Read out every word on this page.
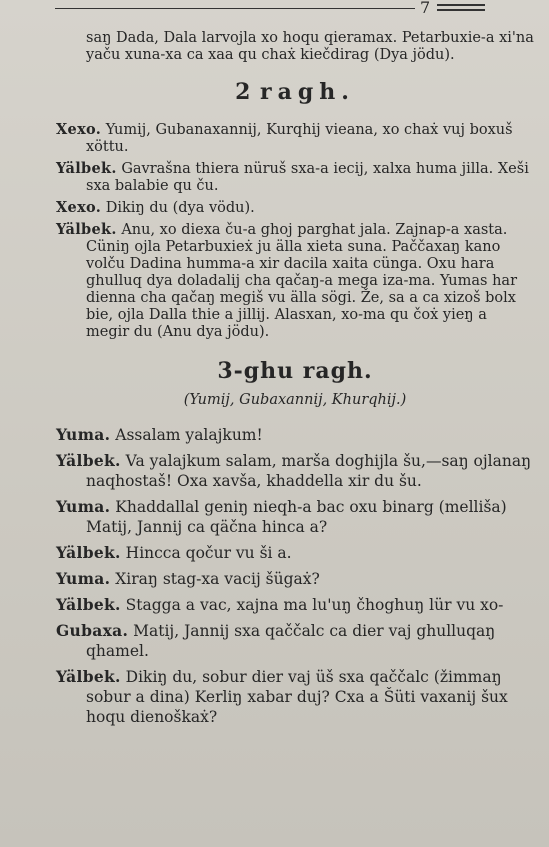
7

saŋ Dada, Dala larvojla xo hoqu qieramax. Petarbuxie-a xi'na yaču xuna-xa ca xaa qu chaẋ kiečdirag (Dya jödu).

2 ragh.

Xexo. Yumij, Gubanaxannij, Kurqhij vieana, xo chaẋ vuj boxuš xöttu.

Yälbek. Gavrašna thiera nüruš sxa-a iecij, xalxa huma jilla. Xeši sxa balabie qu ču.

Xexo. Dikiŋ du (dya vödu).

Yälbek. Anu, xo diexa ču-a ghoj parghat jala. Zajnap-a xasta. Cüniŋ ojla Petarbuxieẋ ju älla xieta suna. Paččaxaŋ kano volču Dadina humma-a xir dacila xaita cünga. Oxu hara ghulluq dya doladalij cha qačaŋ-a mega iza-ma. Yumas har dienna cha qačaŋ megiš vu älla sögi. Že, sa a ca xizoš bolx bie, ojla Dalla thie a jillij. Alasxan, xo-ma qu čoẋ yieŋ a megir du (Anu dya jödu).

3-ghu ragh.
(Yumij, Gubaxannij, Khurqhij.)

Yuma. Assalam yalajkum!

Yälbek. Va yalajkum salam, marša doghijla šu,—saŋ ojlanaŋ naqhostaš! Oxa xavša, khaddella xir du šu.

Yuma. Khaddallal geniŋ nieqh-a bac oxu binarg (melliša) Matij, Jannij ca qäčna hinca a?

Yälbek. Hincca qočur vu ši a.

Yuma. Xiraŋ stag-xa vacij šügaẋ?

Yälbek. Stagga a vac, xajna ma lu'uŋ čhoghuŋ lür vu xo-

Gubaxa. Matij, Jannij sxa qaččalc ca dier vaj ghulluqaŋ qhamel.

Yälbek. Dikiŋ du, sobur dier vaj üš sxa qaččalc (žimmaŋ sobur a dina) Kerliŋ xabar duj? Cxa a Šüti vaxanij šux hoqu dienoškaẋ?
